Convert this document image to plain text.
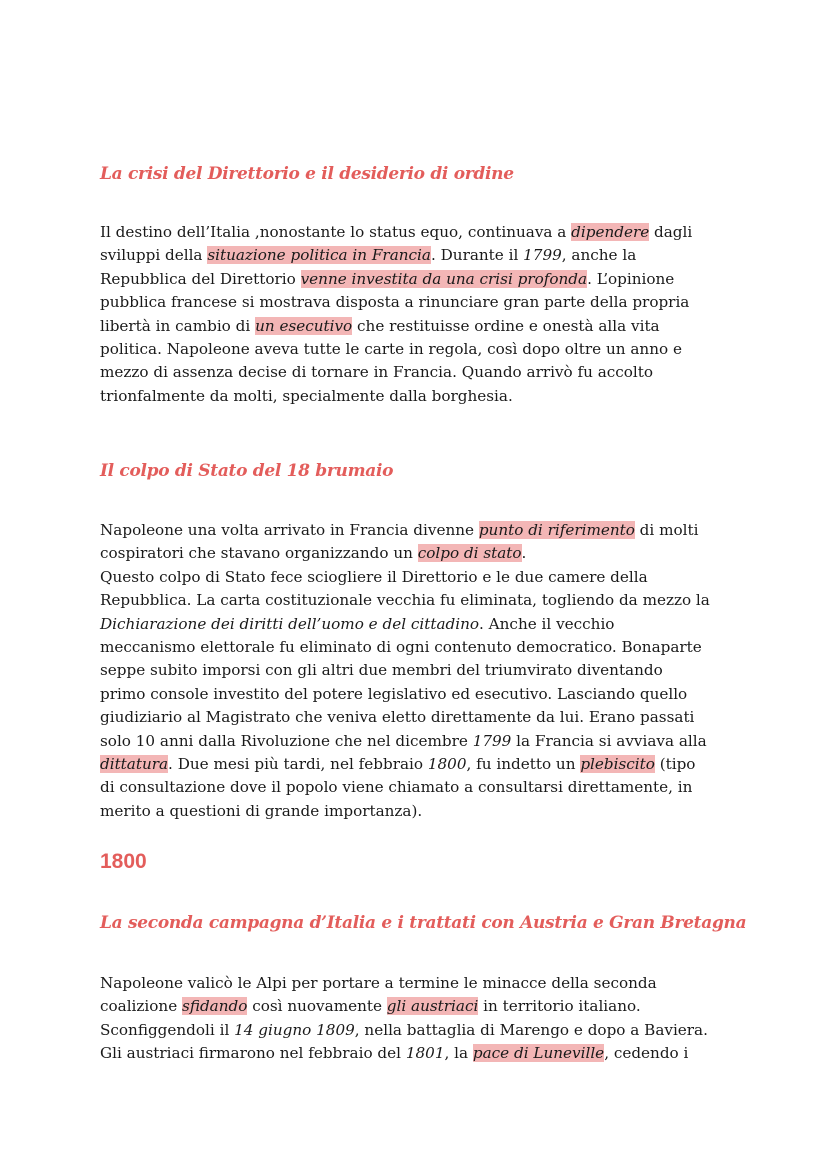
La crisi del Direttorio e il desiderio di ordine
Il destino dell’Italia ,nonostante lo status equo, continuava a dipendere dagli
sviluppi della situazione politica in Francia. Durante il 1799, anche la
Repubblica del Direttorio venne investita da una crisi profonda. L’opinione
pubblica francese si mostrava disposta a rinunciare gran parte della propria
libertà in cambio di un esecutivo che restituisse ordine e onestà alla vita
politica. Napoleone aveva tutte le carte in regola, così dopo oltre un anno e
mezzo di assenza decise di tornare in Francia. Quando arrivò fu accolto
trionfalmente da molti, specialmente dalla borghesia.
Il colpo di Stato del 18 brumaio
Napoleone una volta arrivato in Francia divenne punto di riferimento di molti
cospiratori che stavano organizzando un colpo di stato.
Questo colpo di Stato fece sciogliere il Direttorio e le due camere della
Repubblica. La carta costituzionale vecchia fu eliminata, togliendo da mezzo la
Dichiarazione dei diritti dell’uomo e del cittadino. Anche il vecchio
meccanismo elettorale fu eliminato di ogni contenuto democratico. Bonaparte
seppe subito imporsi con gli altri due membri del triumvirato diventando
primo console investito del potere legislativo ed esecutivo. Lasciando quello
giudiziario al Magistrato che veniva eletto direttamente da lui. Erano passati
solo 10 anni dalla Rivoluzione che nel dicembre 1799 la Francia si avviava alla
dittatura. Due mesi più tardi, nel febbraio 1800, fu indetto un plebiscito (tipo
di consultazione dove il popolo viene chiamato a consultarsi direttamente, in
merito a questioni di grande importanza).
1800
La seconda campagna d’Italia e i trattati con Austria e Gran Bretagna
Napoleone valicò le Alpi per portare a termine le minacce della seconda
coalizione sfidando così nuovamente gli austriaci in territorio italiano.
Sconfiggendoli il 14 giugno 1809, nella battaglia di Marengo e dopo a Baviera.
Gli austriaci firmarono nel febbraio del 1801, la pace di Luneville, cedendo i
